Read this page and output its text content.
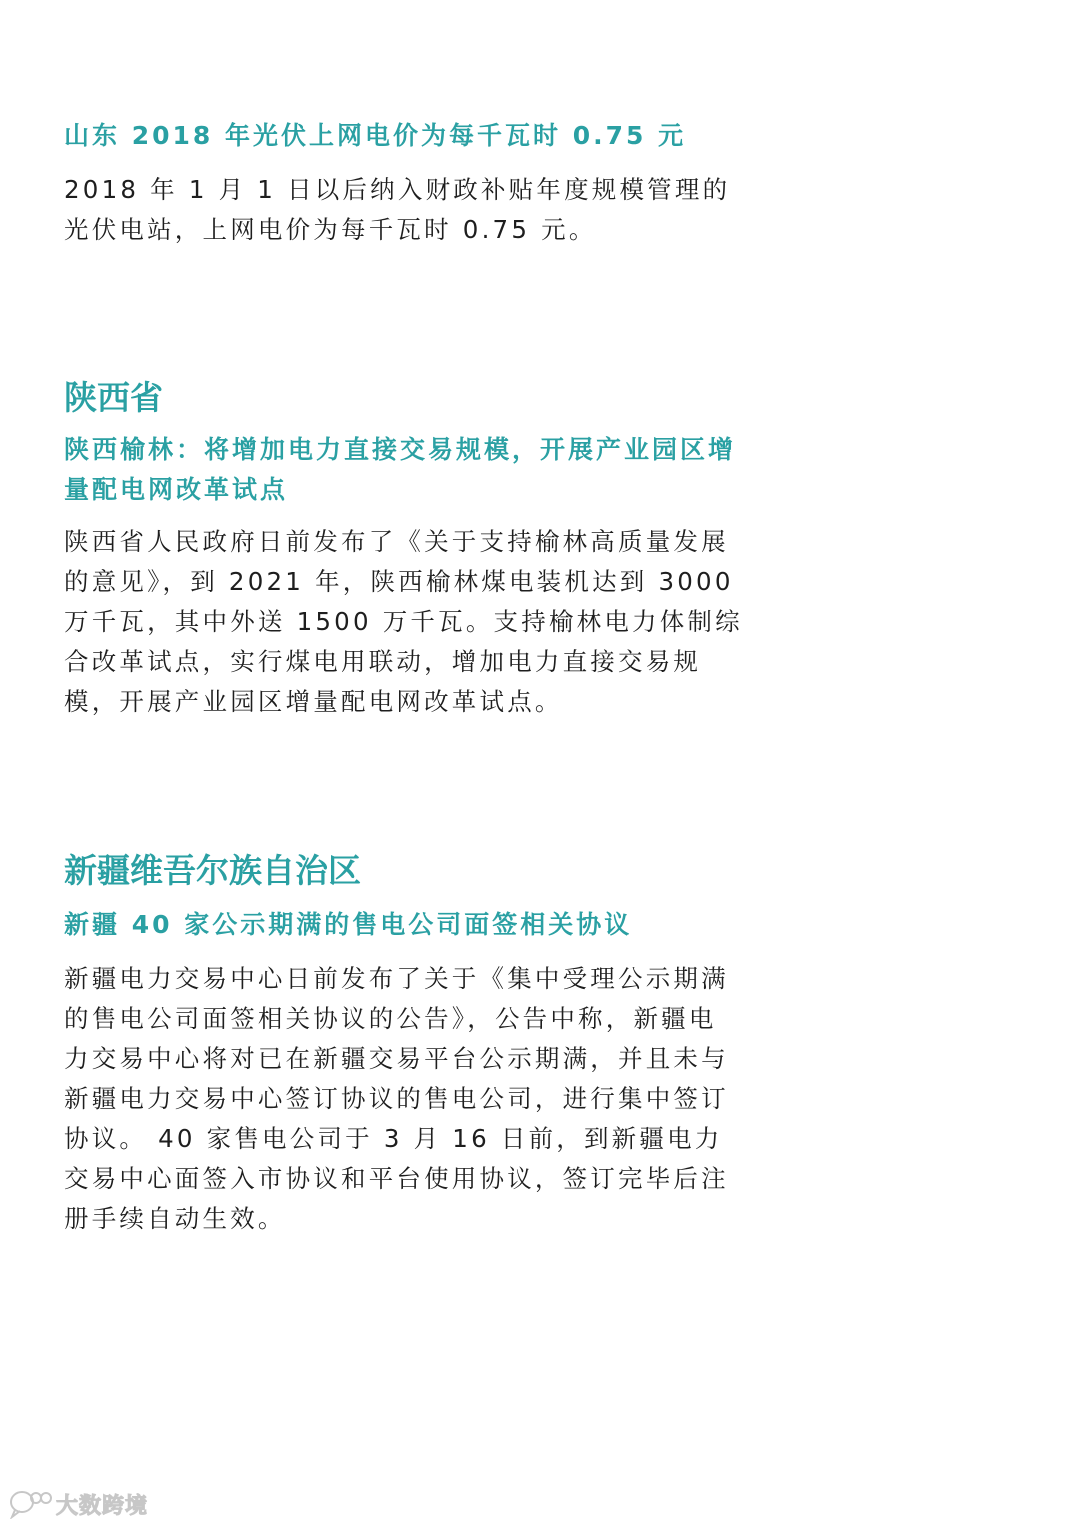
山东 2018 年光伏上网电价为每千瓦时 0.75 元

2018 年 1 月 1 日以后纳入财政补贴年度规模管理的光伏电站，上网电价为每千瓦时 0.75 元。

陕西省
陕西榆林：将增加电力直接交易规模，开展产业园区增量配电网改革试点

陕西省人民政府日前发布了《关于支持榆林高质量发展的意见》，到 2021 年，陕西榆林煤电装机达到 3000 万千瓦，其中外送 1500 万千瓦。支持榆林电力体制综合改革试点，实行煤电用联动，增加电力直接交易规模，开展产业园区增量配电网改革试点。

新疆维吾尔族自治区
新疆 40 家公示期满的售电公司面签相关协议

新疆电力交易中心日前发布了关于《集中受理公示期满的售电公司面签相关协议的公告》，公告中称，新疆电力交易中心将对已在新疆交易平台公示期满，并且未与新疆电力交易中心签订协议的售电公司，进行集中签订协议。 40 家售电公司于 3 月 16 日前，到新疆电力交易中心面签入市协议和平台使用协议，签订完毕后注册手续自动生效。

大数跨境
